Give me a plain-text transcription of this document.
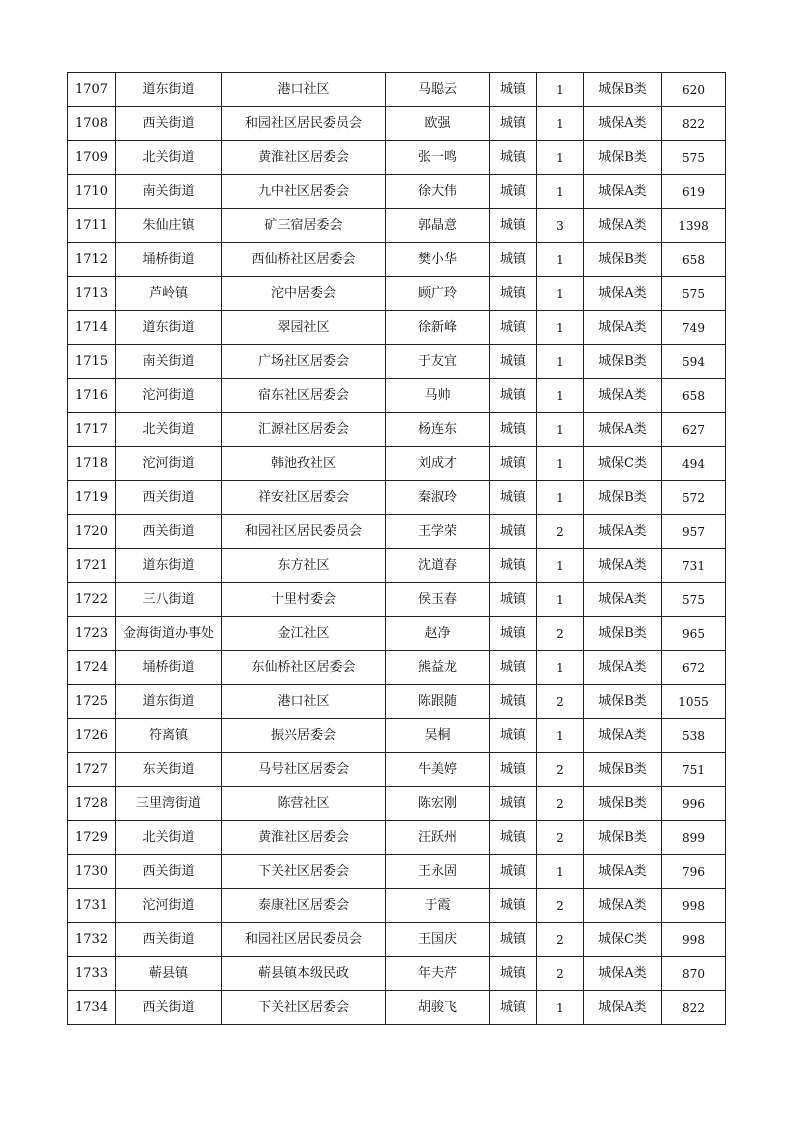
1707	道东街道	港口社区	马聪云	城镇	1	城保B类	620
1708	西关街道	和园社区居民委员会	欧强	城镇	1	城保A类	822
1709	北关街道	黄淮社区居委会	张一鸣	城镇	1	城保B类	575
1710	南关街道	九中社区居委会	徐大伟	城镇	1	城保A类	619
1711	朱仙庄镇	矿三宿居委会	郭晶意	城镇	3	城保A类	1398
1712	埇桥街道	西仙桥社区居委会	樊小华	城镇	1	城保B类	658
1713	芦岭镇	沱中居委会	顾广玲	城镇	1	城保A类	575
1714	道东街道	翠园社区	徐新峰	城镇	1	城保A类	749
1715	南关街道	广场社区居委会	于友宜	城镇	1	城保B类	594
1716	沱河街道	宿东社区居委会	马帅	城镇	1	城保A类	658
1717	北关街道	汇源社区居委会	杨连东	城镇	1	城保A类	627
1718	沱河街道	韩池孜社区	刘成才	城镇	1	城保C类	494
1719	西关街道	祥安社区居委会	秦淑玲	城镇	1	城保B类	572
1720	西关街道	和园社区居民委员会	王学荣	城镇	2	城保A类	957
1721	道东街道	东方社区	沈道春	城镇	1	城保A类	731
1722	三八街道	十里村委会	侯玉春	城镇	1	城保A类	575
1723	金海街道办事处	金江社区	赵净	城镇	2	城保B类	965
1724	埇桥街道	东仙桥社区居委会	熊益龙	城镇	1	城保A类	672
1725	道东街道	港口社区	陈跟随	城镇	2	城保B类	1055
1726	符离镇	振兴居委会	吴桐	城镇	1	城保A类	538
1727	东关街道	马号社区居委会	牛美婷	城镇	2	城保B类	751
1728	三里湾街道	陈营社区	陈宏刚	城镇	2	城保B类	996
1729	北关街道	黄淮社区居委会	汪跃州	城镇	2	城保B类	899
1730	西关街道	下关社区居委会	王永固	城镇	1	城保A类	796
1731	沱河街道	泰康社区居委会	于霞	城镇	2	城保A类	998
1732	西关街道	和园社区居民委员会	王国庆	城镇	2	城保C类	998
1733	蕲县镇	蕲县镇本级民政	年夫芹	城镇	2	城保A类	870
1734	西关街道	下关社区居委会	胡骏飞	城镇	1	城保A类	822
